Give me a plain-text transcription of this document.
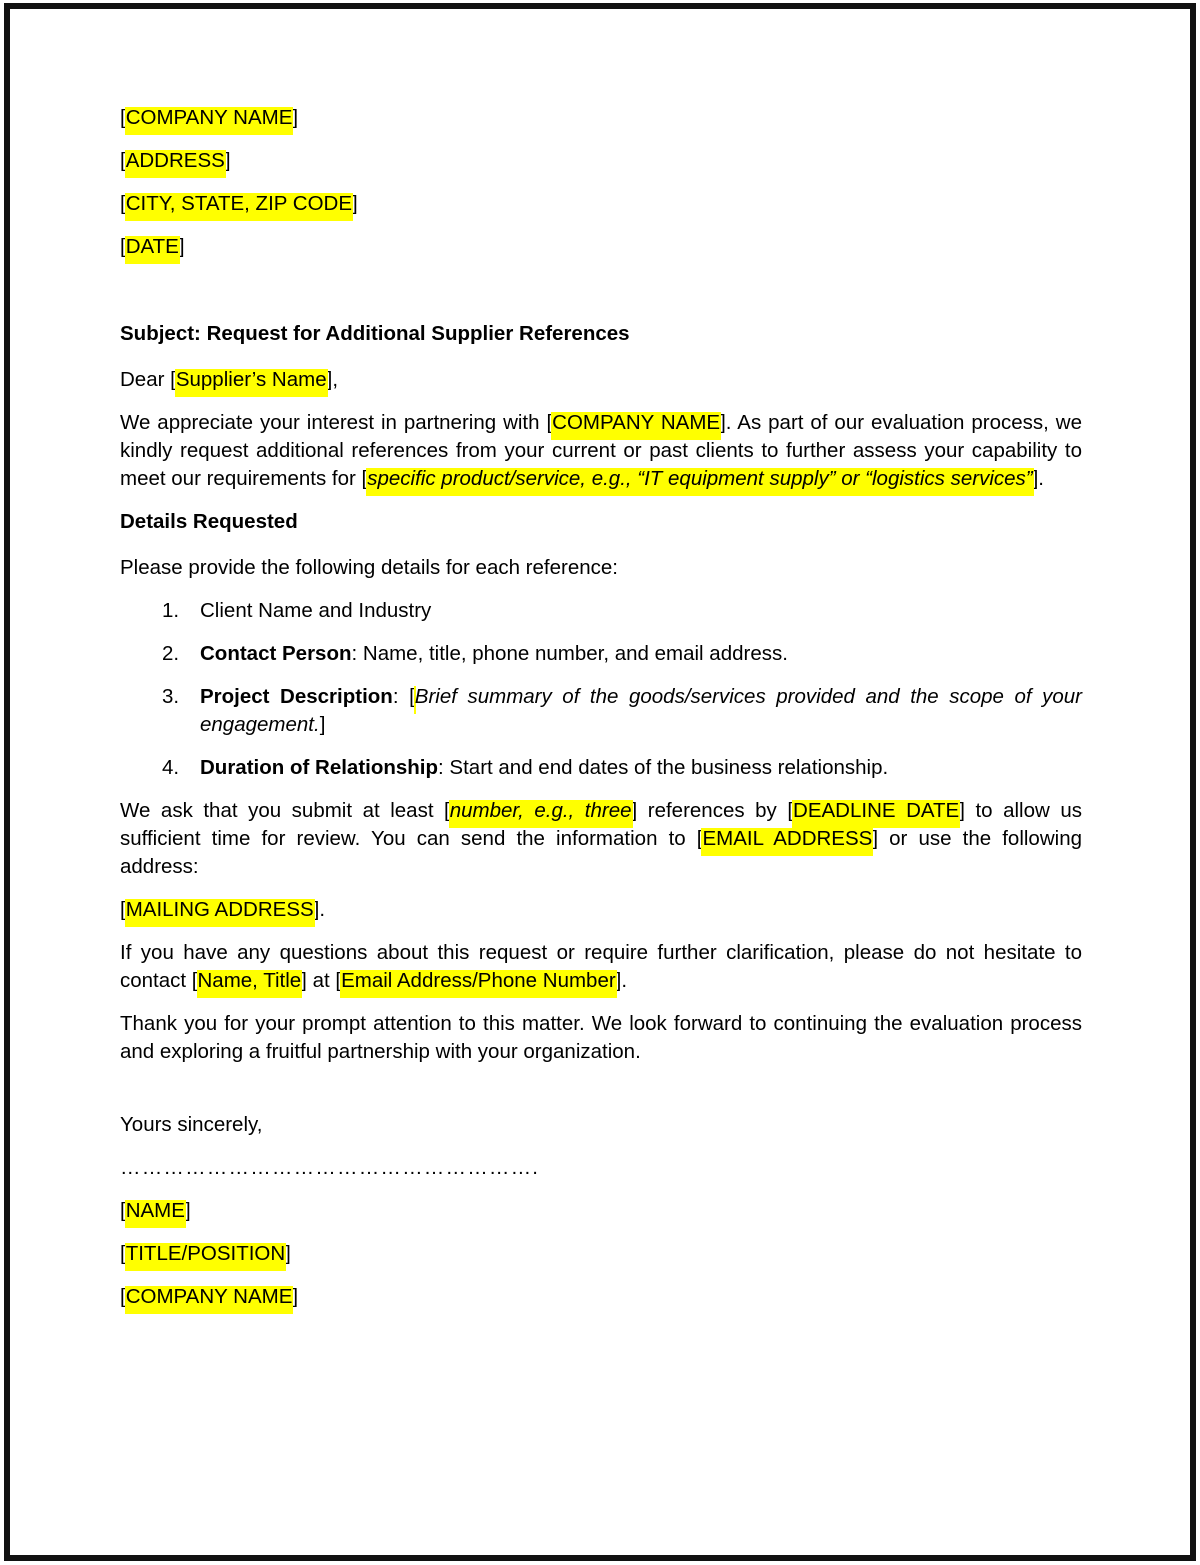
[COMPANY NAME]
[ADDRESS]
[CITY, STATE, ZIP CODE]
[DATE]

Subject: Request for Additional Supplier References

Dear [Supplier’s Name],

We appreciate your interest in partnering with [COMPANY NAME]. As part of our evaluation process, we kindly request additional references from your current or past clients to further assess your capability to meet our requirements for [specific product/service, e.g., “IT equipment supply” or “logistics services”].

Details Requested

Please provide the following details for each reference:

1.	Client Name and Industry
2.	Contact Person: Name, title, phone number, and email address.
3.	Project Description: [Brief summary of the goods/services provided and the scope of your engagement.]
4.	Duration of Relationship: Start and end dates of the business relationship.

We ask that you submit at least [number, e.g., three] references by [DEADLINE DATE] to allow us sufficient time for review. You can send the information to [EMAIL ADDRESS] or use the following address:

[MAILING ADDRESS].

If you have any questions about this request or require further clarification, please do not hesitate to contact [Name, Title] at [Email Address/Phone Number].

Thank you for your prompt attention to this matter. We look forward to continuing the evaluation process and exploring a fruitful partnership with your organization.

Yours sincerely,

………………………………………………….

[NAME]
[TITLE/POSITION]
[COMPANY NAME]
